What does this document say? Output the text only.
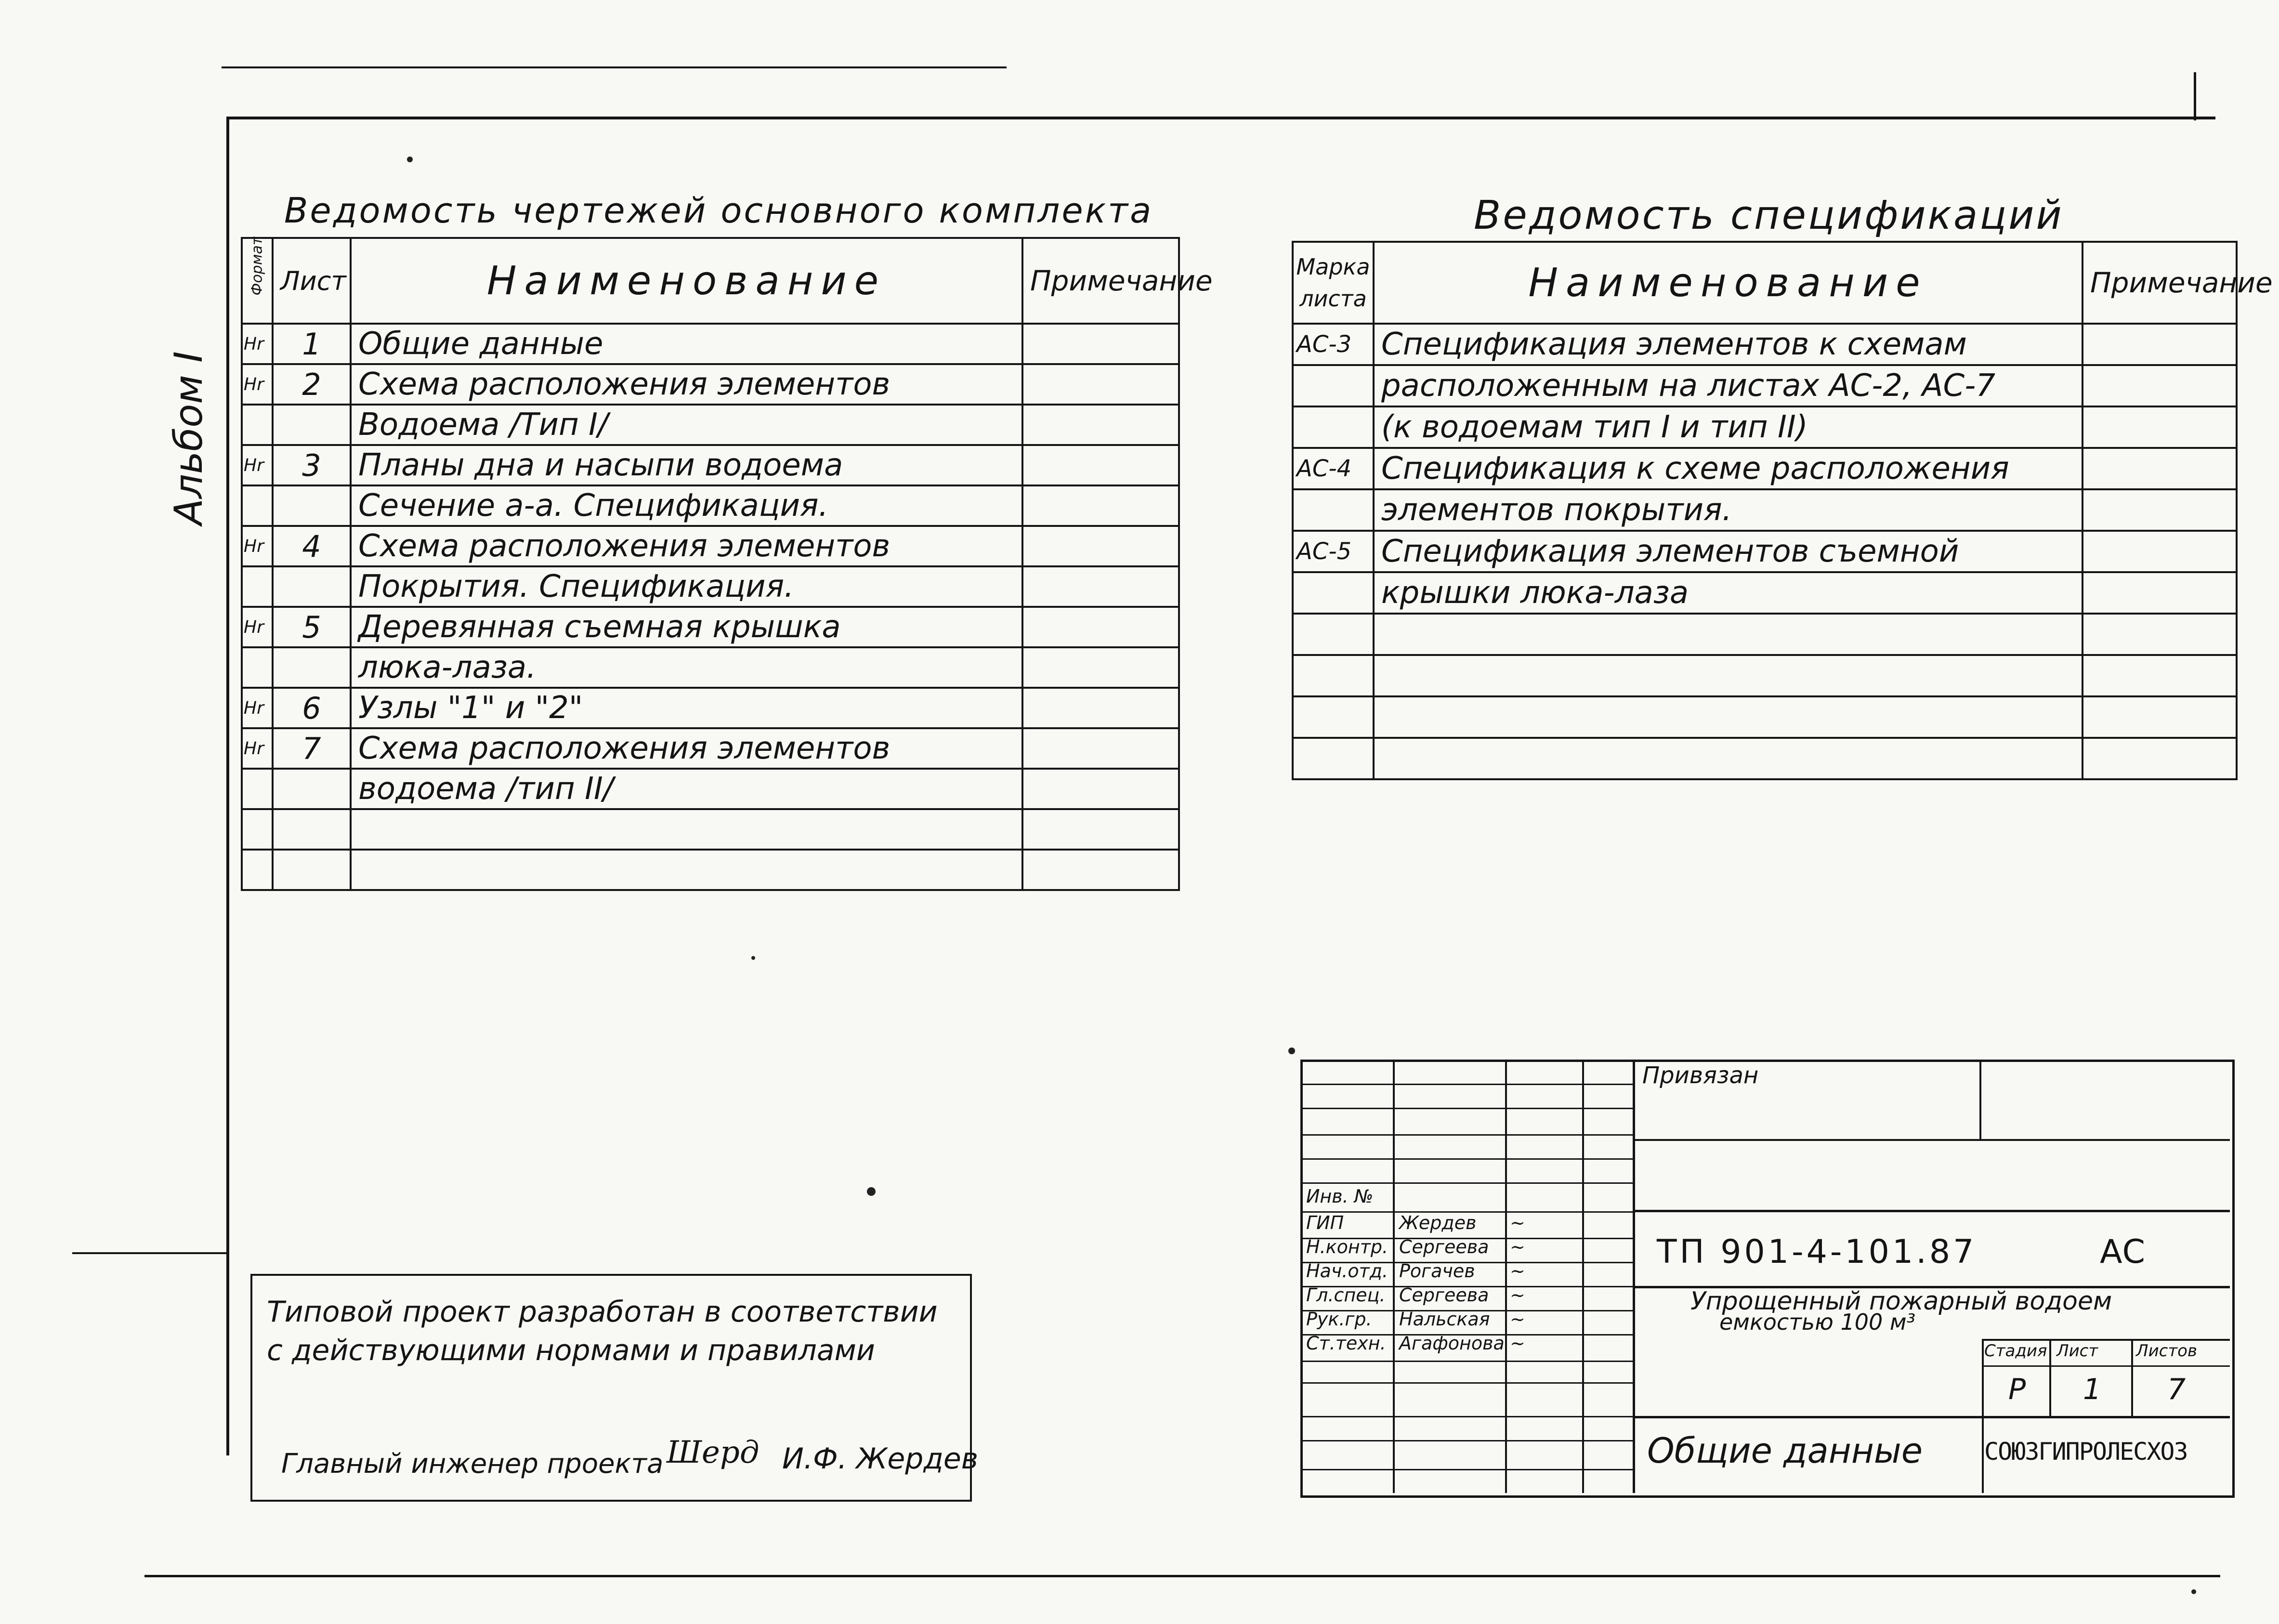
Альбом I
Ведомость чертежей основного комплекта
Формат	Лист	Наименование	Примечание
Нr	1	Общие данные	
Нr	2	Схема расположения элементов	
		Водоема /Тип I/	
Нr	3	Планы дна и насыпи водоема	
		Сечение а-а. Спецификация.	
Нr	4	Схема расположения элементов	
		Покрытия. Спецификация.	
Нr	5	Деревянная съемная крышка	
		люка-лаза.	
Нr	6	Узлы "1" и "2"	
Нr	7	Схема расположения элементов	
		водоема /тип II/	

Ведомость спецификаций
Марка листа	Наименование	Примечание
АС-3	Спецификация элементов к схемам	
	расположенным на листах АС-2, АС-7	
	(к водоемам тип I и тип II)	
АС-4	Спецификация к схеме расположения	
	элементов покрытия.	
АС-5	Спецификация элементов съемной	
	крышки люка-лаза	

Типовой проект разработан в соответствии
с действующими нормами и правилами
Главный инженер проекта Шерд И.Ф. Жердев
Инв. №
ГИП	Жердев ~
Н.контр. Сергеева ~
Нач.отд. Рогачев ~
Гл.спец. Сергеева ~
Рук.гр. Нальская ~
Ст.техн. Агафонова ~
Привязан
ТП 901-4-101.87	АС
Упрощенный пожарный водоем
емкостью 100 м³
Стадия Лист Листов
Р 1 7
Общие данные	СОЮЗГИПРОЛЕСХОЗ
